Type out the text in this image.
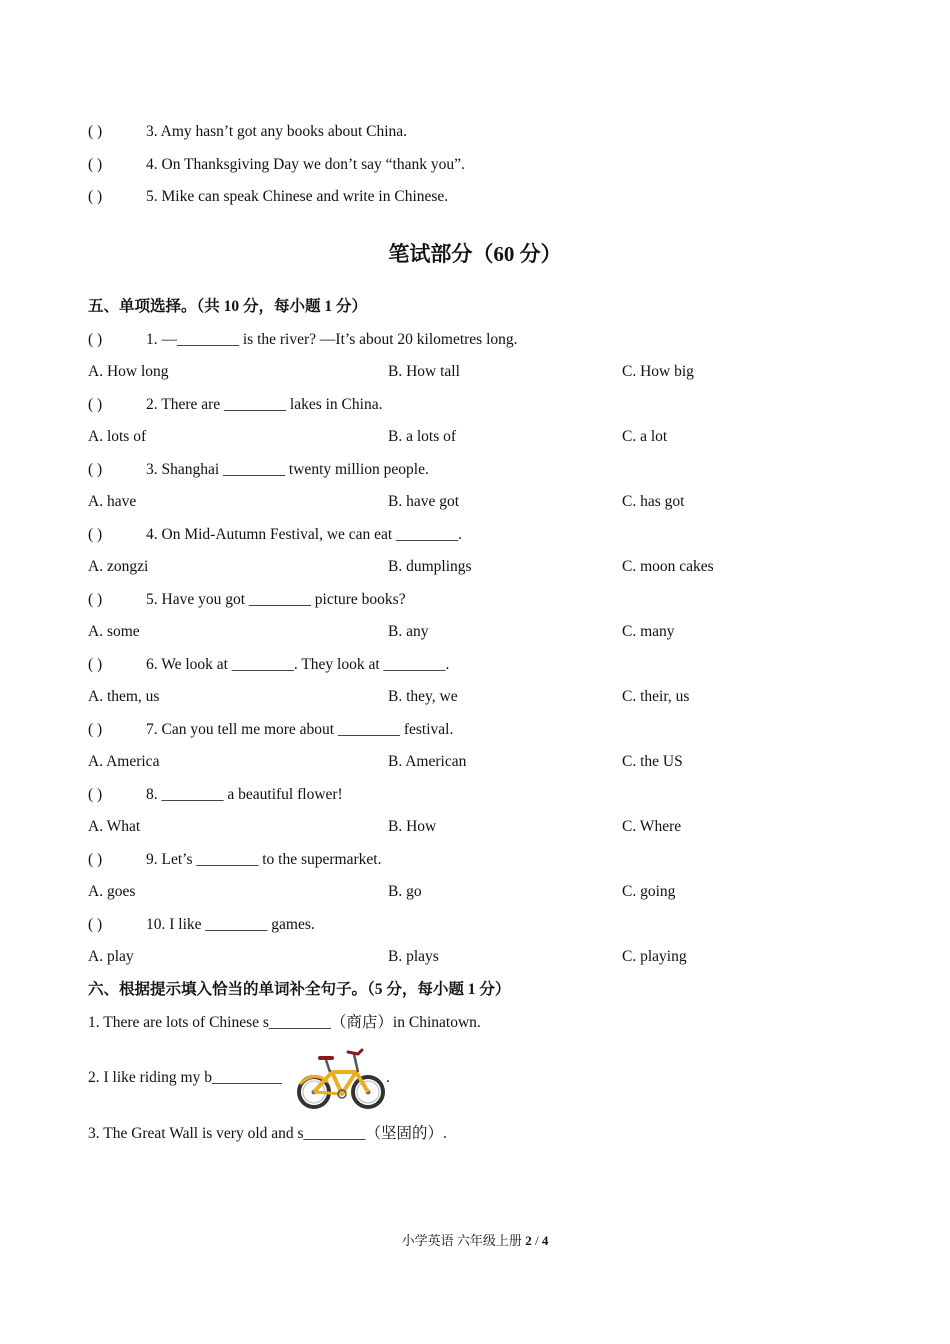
( )	3. Amy hasn’t got any books about China.
( )	4. On Thanksgiving Day we don’t say “thank you”.
( )	5. Mike can speak Chinese and write in Chinese.
笔试部分（60 分）
五、单项选择。（共 10 分，每小题 1 分）
( )	1. —________ is the river? —It’s about 20 kilometres long.
A. How long	B. How tall	C. How big
( )	2. There are ________ lakes in China.
A. lots of	B. a lots of	C. a lot
( )	3. Shanghai ________ twenty million people.
A. have	B. have got	C. has got
( )	4. On Mid-Autumn Festival, we can eat ________.
A. zongzi	B. dumplings	C. moon cakes
( )	5. Have you got ________ picture books?
A. some	B. any	C. many
( )	6. We look at ________. They look at ________.
A. them, us	B. they, we	C. their, us
( )	7. Can you tell me more about ________ festival.
A. America	B. American	C. the US
( )	8. ________ a beautiful flower!
A. What	B. How	C. Where
( )	9. Let’s ________ to the supermarket.
A. goes	B. go	C. going
( )	10. I like ________ games.
A. play	B. plays	C. playing
六、根据提示填入恰当的单词补全句子。（5 分，每小题 1 分）
1. There are lots of Chinese s________（商店）in Chinatown.
2. I like riding my b_________	.
3. The Great Wall is very old and s________（坚固的）.
小学英语 六年级上册 2 / 4
